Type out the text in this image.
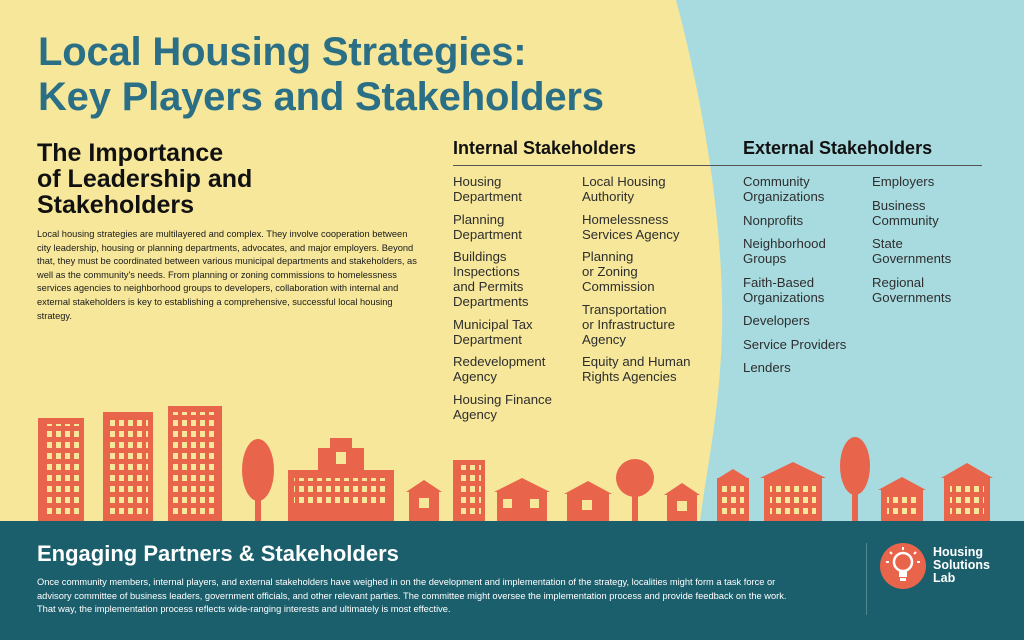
Local Housing Strategies:
Key Players and Stakeholders
The Importance
of Leadership and
Stakeholders

Local housing strategies are multilayered and complex. They involve cooperation between city leadership, housing or planning departments, advocates, and major employers. Beyond that, they must be coordinated between various municipal departments and stakeholders, as well as the community's needs. From planning or zoning commissions to homelessness services agencies to neighborhood groups to developers, collaboration with internal and external stakeholders is key to establishing a comprehensive, successful local housing strategy.

Internal Stakeholders
Housing
Department
Planning
Department
Buildings
Inspections
and Permits
Departments
Municipal Tax
Department
Redevelopment
Agency
Housing Finance
Agency
Local Housing
Authority
Homelessness
Services Agency
Planning
or Zoning
Commission
Transportation
or Infrastructure
Agency
Equity and Human
Rights Agencies
External Stakeholders
Community
Organizations
Nonprofits
Neighborhood
Groups
Faith-Based
Organizations
Developers
Service Providers
Lenders
Employers
Business
Community
State
Governments
Regional
Governments
Engaging Partners & Stakeholders

Once community members, internal players, and external stakeholders have weighed in on the development and implementation of the strategy, localities might form a task force or advisory committee of business leaders, government officials, and other relevant parties. The committee might oversee the implementation process and provide feedback on the work. That way, the implementation process reflects wide-ranging interests and ultimately is most effective.

Housing
Solutions
Lab
